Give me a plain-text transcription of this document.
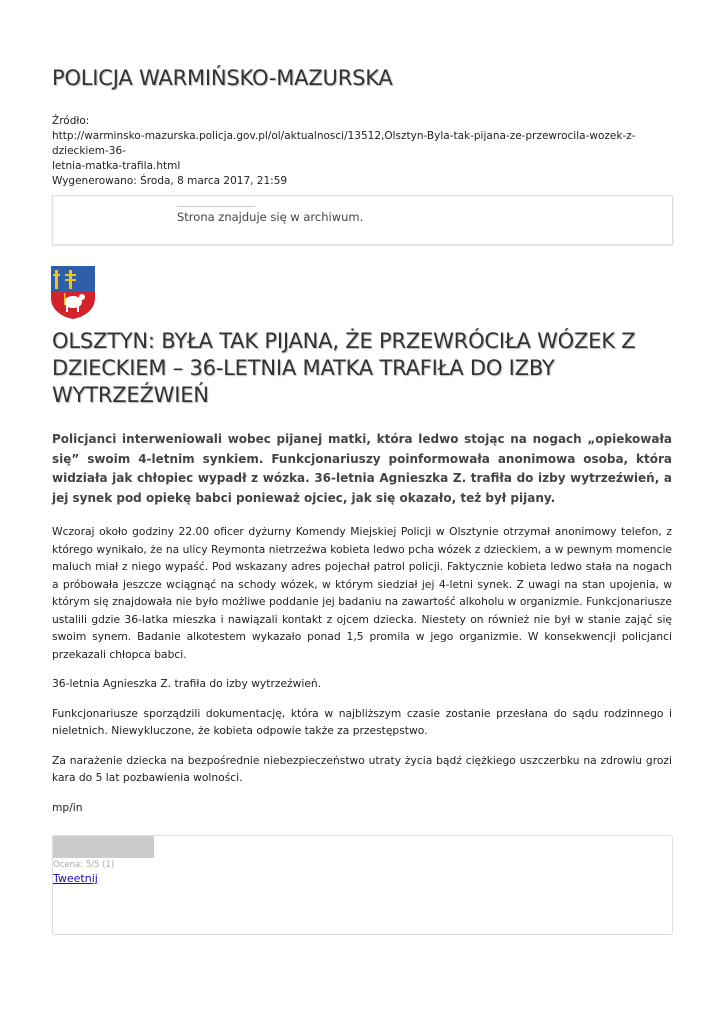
POLICJA WARMIŃSKO-MAZURSKA
Źródło:
http://warminsko-mazurska.policja.gov.pl/ol/aktualnosci/13512,Olsztyn-Byla-tak-pijana-ze-przewrocila-wozek-z-dzieckiem-36-
letnia-matka-trafila.html
Wygenerowano: Środa, 8 marca 2017, 21:59
Strona znajduje się w archiwum.
OLSZTYN: BYŁA TAK PIJANA, ŻE PRZEWRÓCIŁA WÓZEK Z DZIECKIEM – 36-LETNIA MATKA TRAFIŁA DO IZBY WYTRZEŹWIEŃ

Policjanci interweniowali wobec pijanej matki, która ledwo stojąc na nogach „opiekowała się” swoim 4-letnim synkiem. Funkcjonariuszy poinformowała anonimowa osoba, która widziała jak chłopiec wypadł z wózka. 36-letnia Agnieszka Z. trafiła do izby wytrzeźwień, a jej synek pod opiekę babci ponieważ ojciec, jak się okazało, też był pijany.

Wczoraj około godziny 22.00 oficer dyżurny Komendy Miejskiej Policji w Olsztynie otrzymał anonimowy telefon, z którego wynikało, że na ulicy Reymonta nietrzeźwa kobieta ledwo pcha wózek z dzieckiem, a w pewnym momencie maluch miał z niego wypaść. Pod wskazany adres pojechał patrol policji. Faktycznie kobieta ledwo stała na nogach a próbowała jeszcze wciągnąć na schody wózek, w którym siedział jej 4-letni synek. Z uwagi na stan upojenia, w którym się znajdowała nie było możliwe poddanie jej badaniu na zawartość alkoholu w organizmie. Funkcjonariusze ustalili gdzie 36-latka mieszka i nawiązali kontakt z ojcem dziecka. Niestety on również nie był w stanie zająć się swoim synem. Badanie alkotestem wykazało ponad 1,5 promila w jego organizmie. W konsekwencji policjanci przekazali chłopca babci.

36-letnia Agnieszka Z. trafiła do izby wytrzeźwień.

Funkcjonariusze sporządzili dokumentację, która w najbliższym czasie zostanie przesłana do sądu rodzinnego i nieletnich. Niewykluczone, że kobieta odpowie także za przestępstwo.

Za narażenie dziecka na bezpośrednie niebezpieczeństwo utraty życia bądź ciężkiego uszczerbku na zdrowiu grozi kara do 5 lat pozbawienia wolności.

mp/in

Ocena: 5/5 (1)
Tweetnij
